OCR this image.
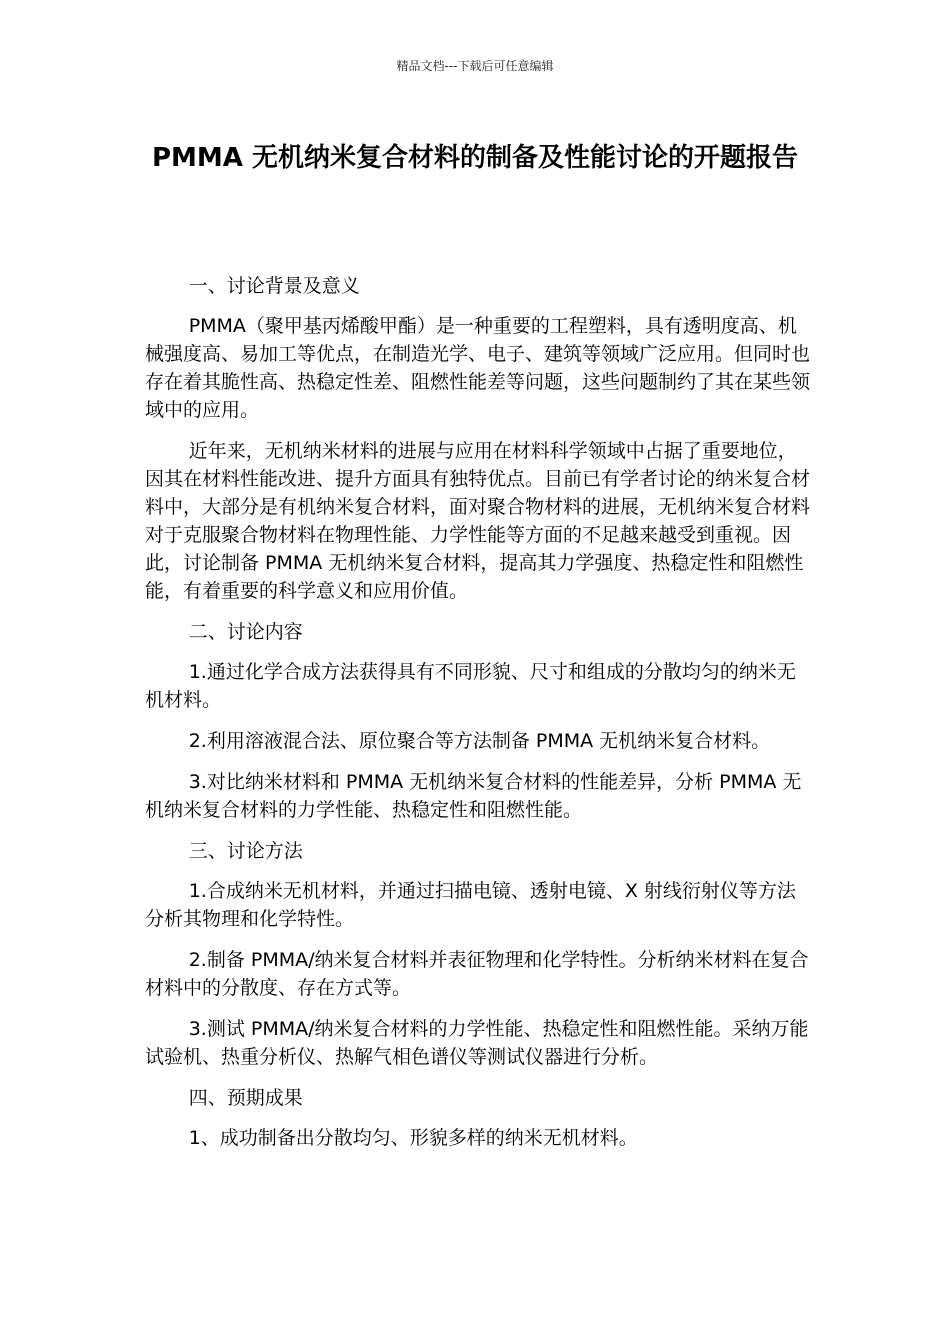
精品文档---下载后可任意编辑
PMMA 无机纳米复合材料的制备及性能讨论的开题报告

一、讨论背景及意义

PMMA（聚甲基丙烯酸甲酯）是一种重要的工程塑料，具有透明度高、机械强度高、易加工等优点，在制造光学、电子、建筑等领域广泛应用。但同时也存在着其脆性高、热稳定性差、阻燃性能差等问题，这些问题制约了其在某些领域中的应用。

近年来，无机纳米材料的进展与应用在材料科学领域中占据了重要地位，因其在材料性能改进、提升方面具有独特优点。目前已有学者讨论的纳米复合材料中，大部分是有机纳米复合材料，面对聚合物材料的进展，无机纳米复合材料对于克服聚合物材料在物理性能、力学性能等方面的不足越来越受到重视。因此，讨论制备 PMMA 无机纳米复合材料，提高其力学强度、热稳定性和阻燃性能，有着重要的科学意义和应用价值。

二、讨论内容

1.通过化学合成方法获得具有不同形貌、尺寸和组成的分散均匀的纳米无机材料。

2.利用溶液混合法、原位聚合等方法制备 PMMA 无机纳米复合材料。

3.对比纳米材料和 PMMA 无机纳米复合材料的性能差异，分析 PMMA 无机纳米复合材料的力学性能、热稳定性和阻燃性能。

三、讨论方法

1.合成纳米无机材料，并通过扫描电镜、透射电镜、X 射线衍射仪等方法分析其物理和化学特性。

2.制备 PMMA/纳米复合材料并表征物理和化学特性。分析纳米材料在复合材料中的分散度、存在方式等。

3.测试 PMMA/纳米复合材料的力学性能、热稳定性和阻燃性能。采纳万能试验机、热重分析仪、热解气相色谱仪等测试仪器进行分析。

四、预期成果

1、成功制备出分散均匀、形貌多样的纳米无机材料。
